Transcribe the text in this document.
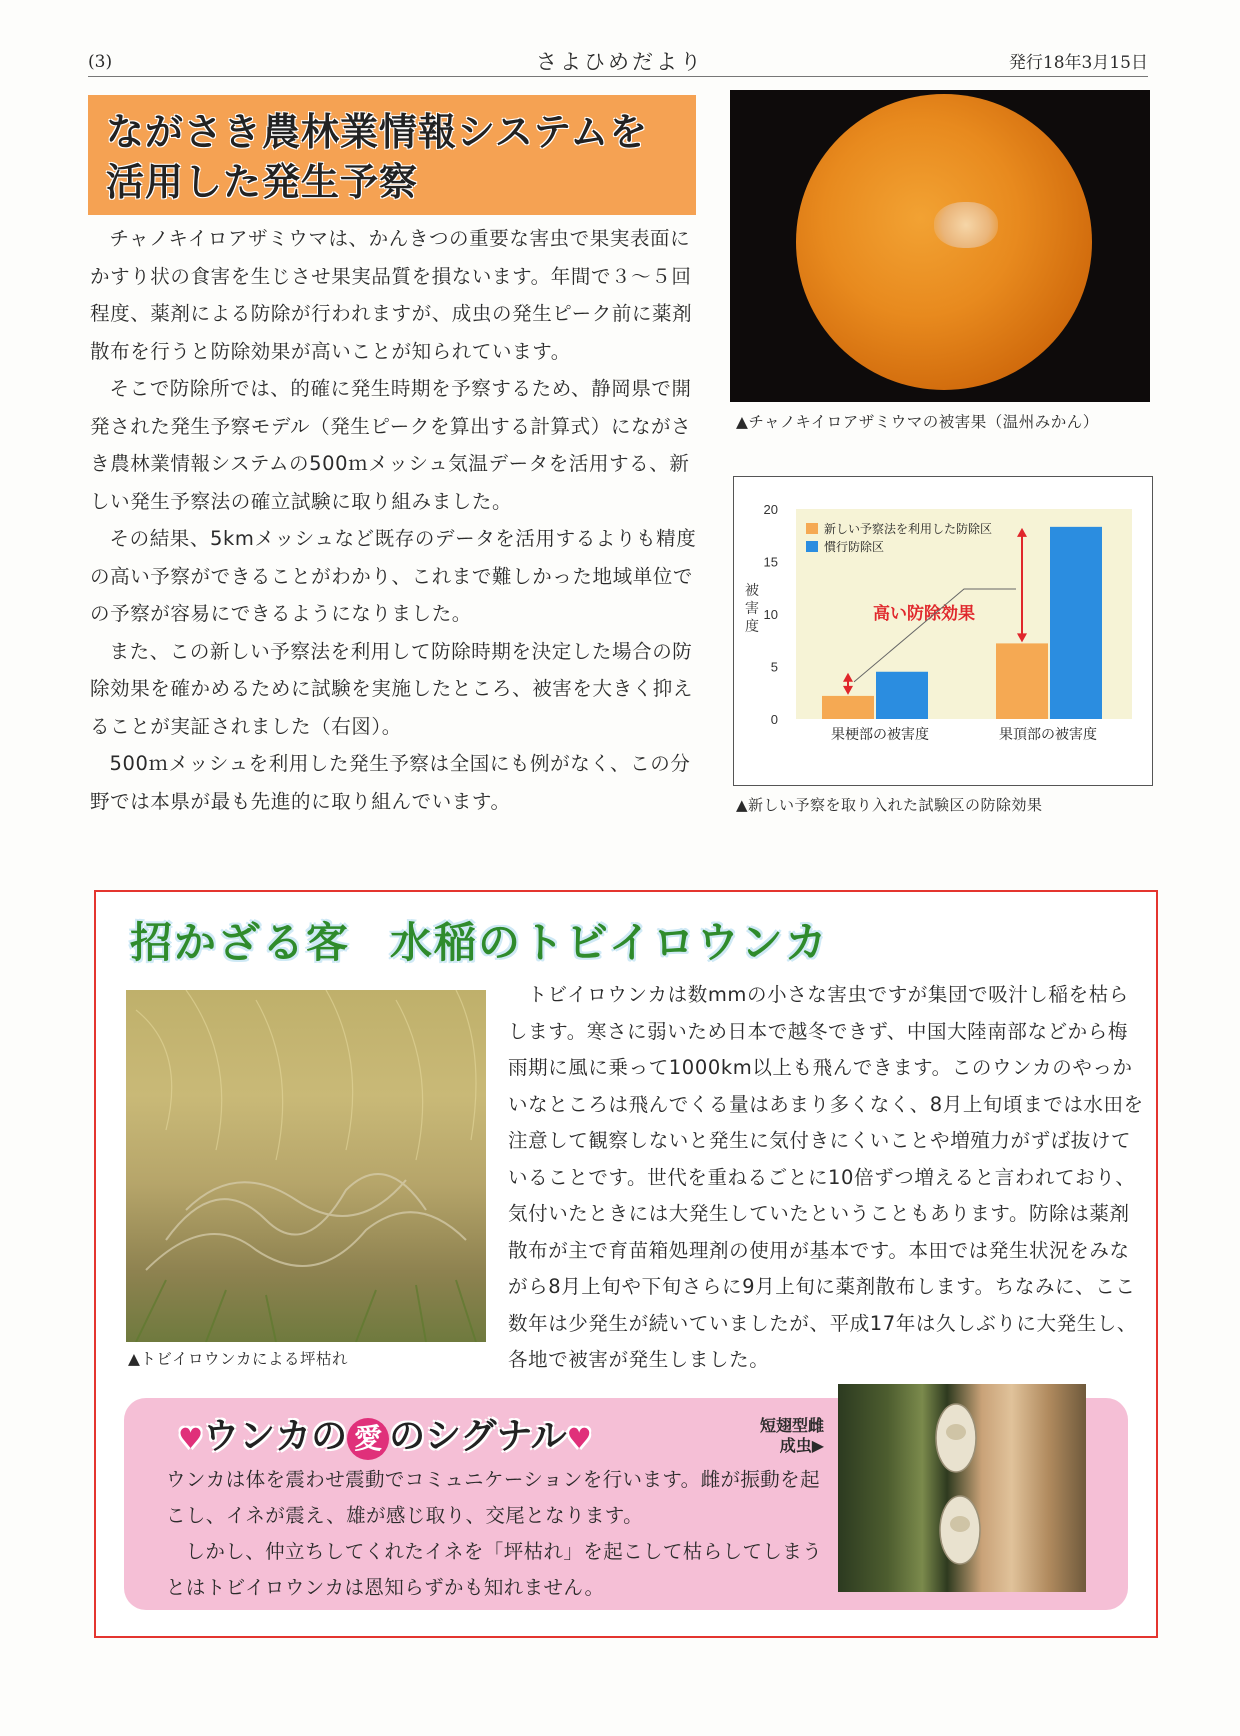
(3)	さよひめだより	発行18年3月15日
ながさき農林業情報システムを
活用した発生予察

チャノキイロアザミウマは、かんきつの重要な害虫で果実表面にかすり状の食害を生じさせ果実品質を損ないます。年間で３～５回程度、薬剤による防除が行われますが、成虫の発生ピーク前に薬剤散布を行うと防除効果が高いことが知られています。

そこで防除所では、的確に発生時期を予察するため、静岡県で開発された発生予察モデル（発生ピークを算出する計算式）にながさき農林業情報システムの500ｍメッシュ気温データを活用する、新しい発生予察法の確立試験に取り組みました。

その結果、5kmメッシュなど既存のデータを活用するよりも精度の高い予察ができることがわかり、これまで難しかった地域単位での予察が容易にできるようになりました。

また、この新しい予察法を利用して防除時期を決定した場合の防除効果を確かめるために試験を実施したところ、被害を大きく抑えることが実証されました（右図）。

500ｍメッシュを利用した発生予察は全国にも例がなく、この分野では本県が最も先進的に取り組んでいます。

▲チャノキイロアザミウマの被害果（温州みかん）
0
5
10
15
20
被
害
度
果梗部の被害度	果頂部の被害度
新しい予察法を利用した防除区
慣行防除区
高い防除効果
▲新しい予察を取り入れた試験区の防除効果
招かざる客 水稲のトビイロウンカ
▲トビイロウンカによる坪枯れ

トビイロウンカは数mmの小さな害虫ですが集団で吸汁し稲を枯らします。寒さに弱いため日本で越冬できず、中国大陸南部などから梅雨期に風に乗って1000km以上も飛んできます。このウンカのやっかいなところは飛んでくる量はあまり多くなく、8月上旬頃までは水田を注意して観察しないと発生に気付きにくいことや増殖力がずば抜けていることです。世代を重ねるごとに10倍ずつ増えると言われており、気付いたときには大発生していたということもあります。防除は薬剤散布が主で育苗箱処理剤の使用が基本です。本田では発生状況をみながら8月上旬や下旬さらに9月上旬に薬剤散布します。ちなみに、ここ数年は少発生が続いていましたが、平成17年は久しぶりに大発生し、各地で被害が発生しました。

♥ウンカの 愛 のシグナル♥

ウンカは体を震わせ震動でコミュニケーションを行います。雌が振動を起こし、イネが震え、雄が感じ取り、交尾となります。

しかし、仲立ちしてくれたイネを「坪枯れ」を起こして枯らしてしまうとはトビイロウンカは恩知らずかも知れません。

短翅型雌成虫▶
